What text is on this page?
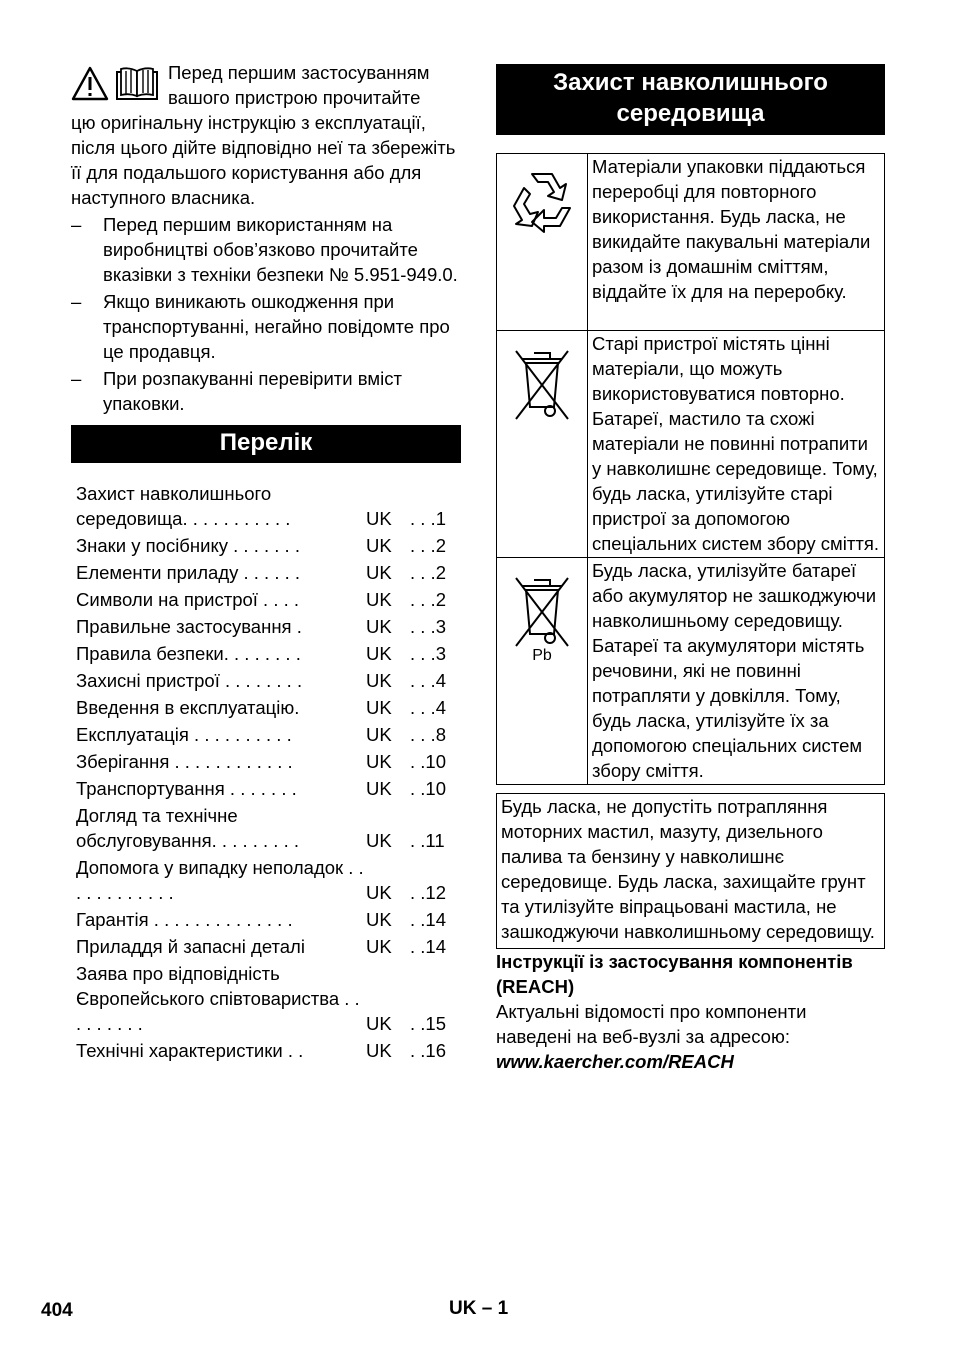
Перед першим застосуванням
вашого пристрою прочитайте
цю оригінальну інструкцію з експлуатації, після цього дійте відповідно неї та збережіть її для подальшого користування або для наступного власника.

– Перед першим використанням на виробництві обов’язково прочитайте вказівки з техніки безпеки № 5.951-949.0.
– Якщо виникають ошкодження при транспортуванні, негайно повідомте про це продавця.
– При розпакуванні перевірити вміст упаковки.
Перелік
Захист навколишнього середовища. . . . . . . . . . .	UK . . .1
Знаки у посібнику . . . . . . .	UK . . .2
Елементи приладу . . . . . .	UK . . .2
Символи на пристрої . . . .	UK . . .2
Правильне застосування .	UK . . .3
Правила безпеки. . . . . . . .	UK . . .3
Захисні пристрої . . . . . . . .	UK . . .4
Введення в експлуатацію.	UK . . .4
Експлуатація . . . . . . . . . .	UK . . .8
Зберігання . . . . . . . . . . . .	UK . .10
Транспортування . . . . . . .	UK . .10
Догляд та технічне обслуговування. . . . . . . . .	UK . .11
Допомога у випадку неполадок . . . . . . . . . . . .	UK . .12
Гарантія . . . . . . . . . . . . . .	UK . .14
Приладдя й запасні деталі	UK . .14
Заява про відповідність Європейського співтовариства . . . . . . . . .	UK . .15
Технічні характеристики . .	UK . .16
Захист навколишнього середовища
	Матеріали упаковки піддаються переробці для повторного використання. Будь ласка, не викидайте пакувальні матеріали разом із домашнім сміттям, віддайте їх для на переробку.
	Старі пристрої містять цінні матеріали, що можуть використовуватися повторно. Батареї, мастило та схожі матеріали не повинні потрапити у навколишнє середовище. Тому, будь ласка, утилізуйте старі пристрої за допомогою спеціальних систем збору сміття.

Pb	Будь ласка, утилізуйте батареї або акумулятор не зашкоджуючи навколишньому середовищу. Батареї та акумулятори містять речовини, які не повинні потрапляти у довкілля. Тому, будь ласка, утилізуйте їх за допомогою спеціальних систем збору сміття.
Будь ласка, не допустіть потрапляння моторних мастил, мазуту, дизельного палива та бензину у навколишнє середовище. Будь ласка, захищайте грунт та утилізуйте віпрацьовані мастила, не зашкоджуючи навколишньому середовищу.
Інструкції із застосування компонентів (REACH)
Актуальні відомості про компоненти наведені на веб-вузлі за адресою:
www.kaercher.com/REACH
404	UK – 1
